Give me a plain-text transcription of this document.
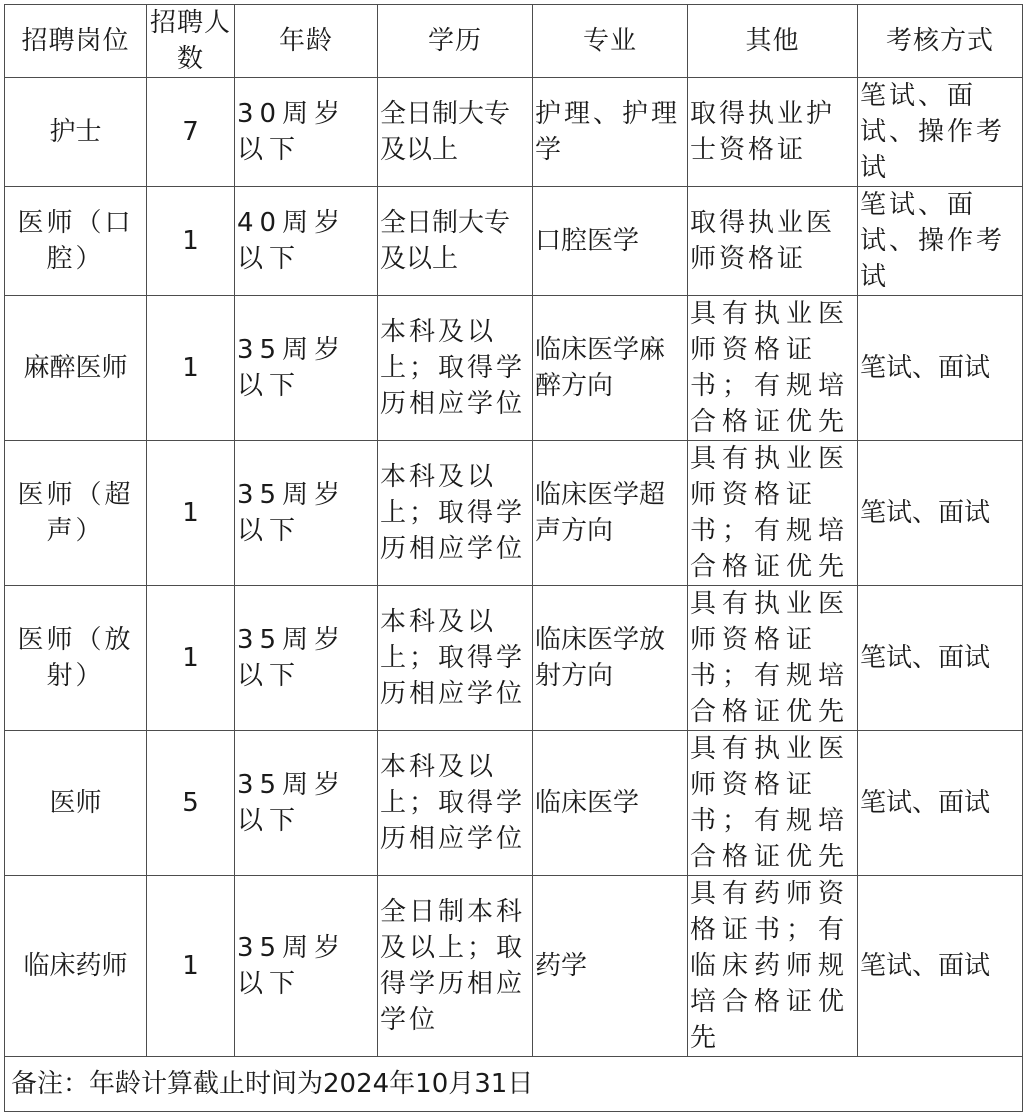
招聘岗位	招聘人数	年龄	学历	专业	其他	考核方式
护士	7	30周岁以下	全日制大专及以上	护理、护理学	取得执业护士资格证	笔试、面试、操作考试
医师（口腔）	1	40周岁以下	全日制大专及以上	口腔医学	取得执业医师资格证	笔试、面试、操作考试
麻醉医师	1	35周岁以下	本科及以上；取得学历相应学位	临床医学麻醉方向	具有执业医师资格证书；有规培合格证优先	笔试、面试
医师（超声）	1	35周岁以下	本科及以上；取得学历相应学位	临床医学超声方向	具有执业医师资格证书；有规培合格证优先	笔试、面试
医师（放射）	1	35周岁以下	本科及以上；取得学历相应学位	临床医学放射方向	具有执业医师资格证书；有规培合格证优先	笔试、面试
医师	5	35周岁以下	本科及以上；取得学历相应学位	临床医学	具有执业医师资格证书；有规培合格证优先	笔试、面试
临床药师	1	35周岁以下	全日制本科及以上；取得学历相应学位	药学	具有药师资格证书；有临床药师规培合格证优先	笔试、面试
备注：年龄计算截止时间为2024年10月31日						
